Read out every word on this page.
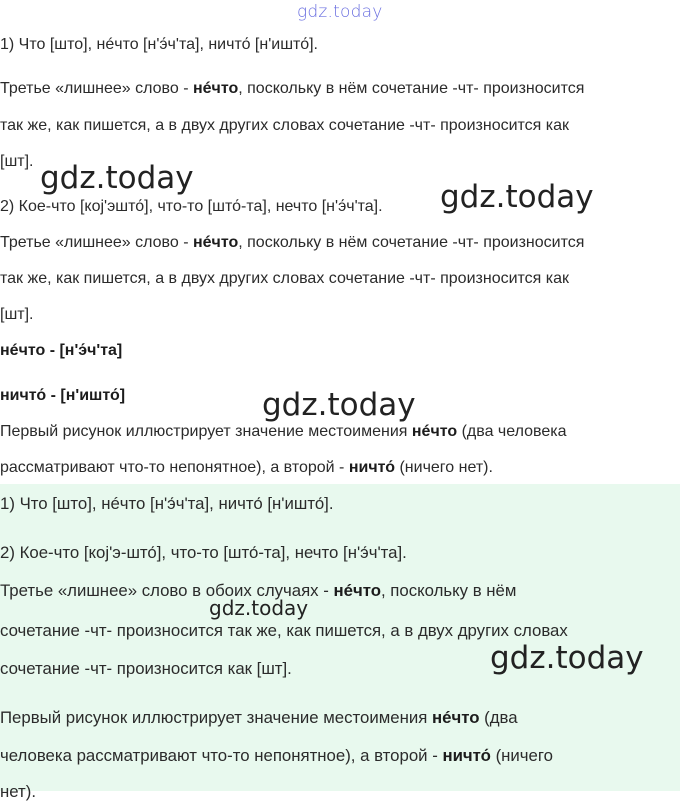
gdz.today
1) Что [што], нéчто [н'э́ч'та], ничто́ [н'ишто́].
Третье «лишнее» слово - нéчто, поскольку в нём сочетание -чт- произносится
так же, как пишется, а в двух других словах сочетание -чт- произносится как
[шт].
2) Кое-что [коj'эшто́], что-то [што́-та], нечто [н'э́ч'та].
Третье «лишнее» слово - нéчто, поскольку в нём сочетание -чт- произносится
так же, как пишется, а в двух других словах сочетание -чт- произносится как
[шт].
нéчто - [н'э́ч'та]
ничто́ - [н'ишто́]
Первый рисунок иллюстрирует значение местоимения нéчто (два человека
рассматривают что-то непонятное), а второй - ничто́ (ничего нет).
1) Что [што], нéчто [н'э́ч'та], ничто́ [н'ишто́].
2) Кое-что [коj'э-што́], что-то [што́-та], нечто [н'э́ч'та].
Третье «лишнее» слово в обоих случаях - нéчто, поскольку в нём
сочетание -чт- произносится так же, как пишется, а в двух других словах
сочетание -чт- произносится как [шт].
Первый рисунок иллюстрирует значение местоимения нéчто (два
человека рассматривают что-то непонятное), а второй - ничто́ (ничего
нет).
gdz.today
gdz.today
gdz.today
gdz.today
gdz.today
